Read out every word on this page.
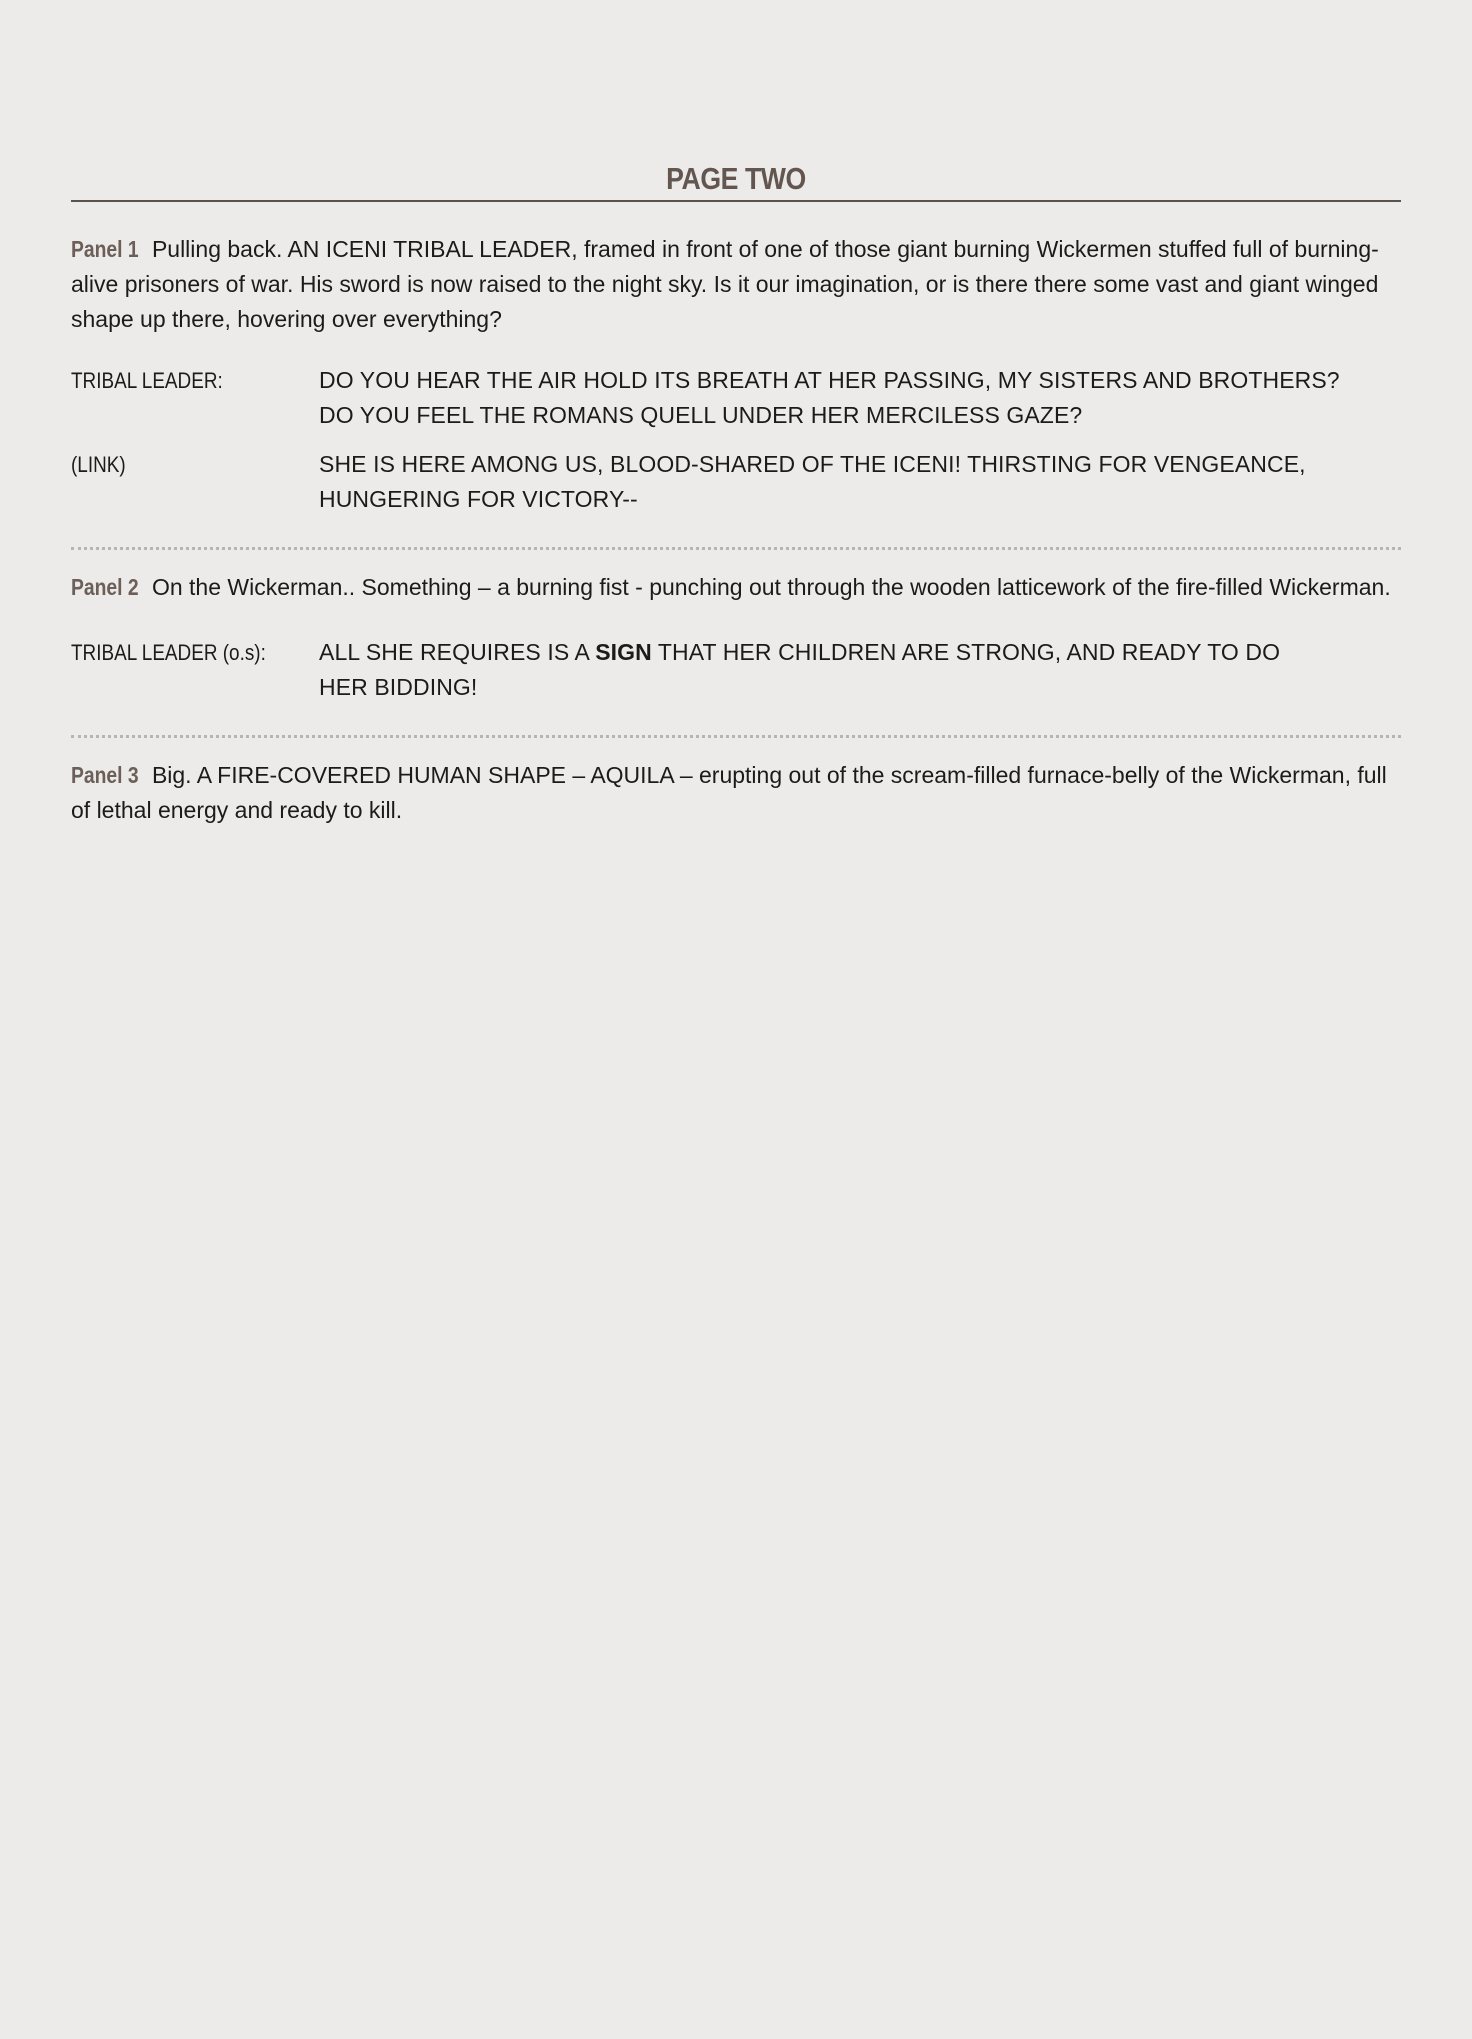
PAGE TWO

Panel 1 Pulling back. AN ICENI TRIBAL LEADER, framed in front of one of those giant burning Wickermen stuffed full of burning-alive prisoners of war. His sword is now raised to the night sky. Is it our imagination, or is there there some vast and giant winged shape up there, hovering over everything?

TRIBAL LEADER:	DO YOU HEAR THE AIR HOLD ITS BREATH AT HER PASSING, MY SISTERS AND BROTHERS?
DO YOU FEEL THE ROMANS QUELL UNDER HER MERCILESS GAZE?
(LINK)	SHE IS HERE AMONG US, BLOOD-SHARED OF THE ICENI! THIRSTING FOR VENGEANCE,
HUNGERING FOR VICTORY--

Panel 2 On the Wickerman.. Something – a burning fist - punching out through the wooden latticework of the fire-filled Wickerman.

TRIBAL LEADER (o.s):	ALL SHE REQUIRES IS A SIGN THAT HER CHILDREN ARE STRONG, AND READY TO DO
HER BIDDING!

Panel 3 Big. A FIRE-COVERED HUMAN SHAPE – AQUILA – erupting out of the scream-filled furnace-belly of the Wickerman, full of lethal energy and ready to kill.
